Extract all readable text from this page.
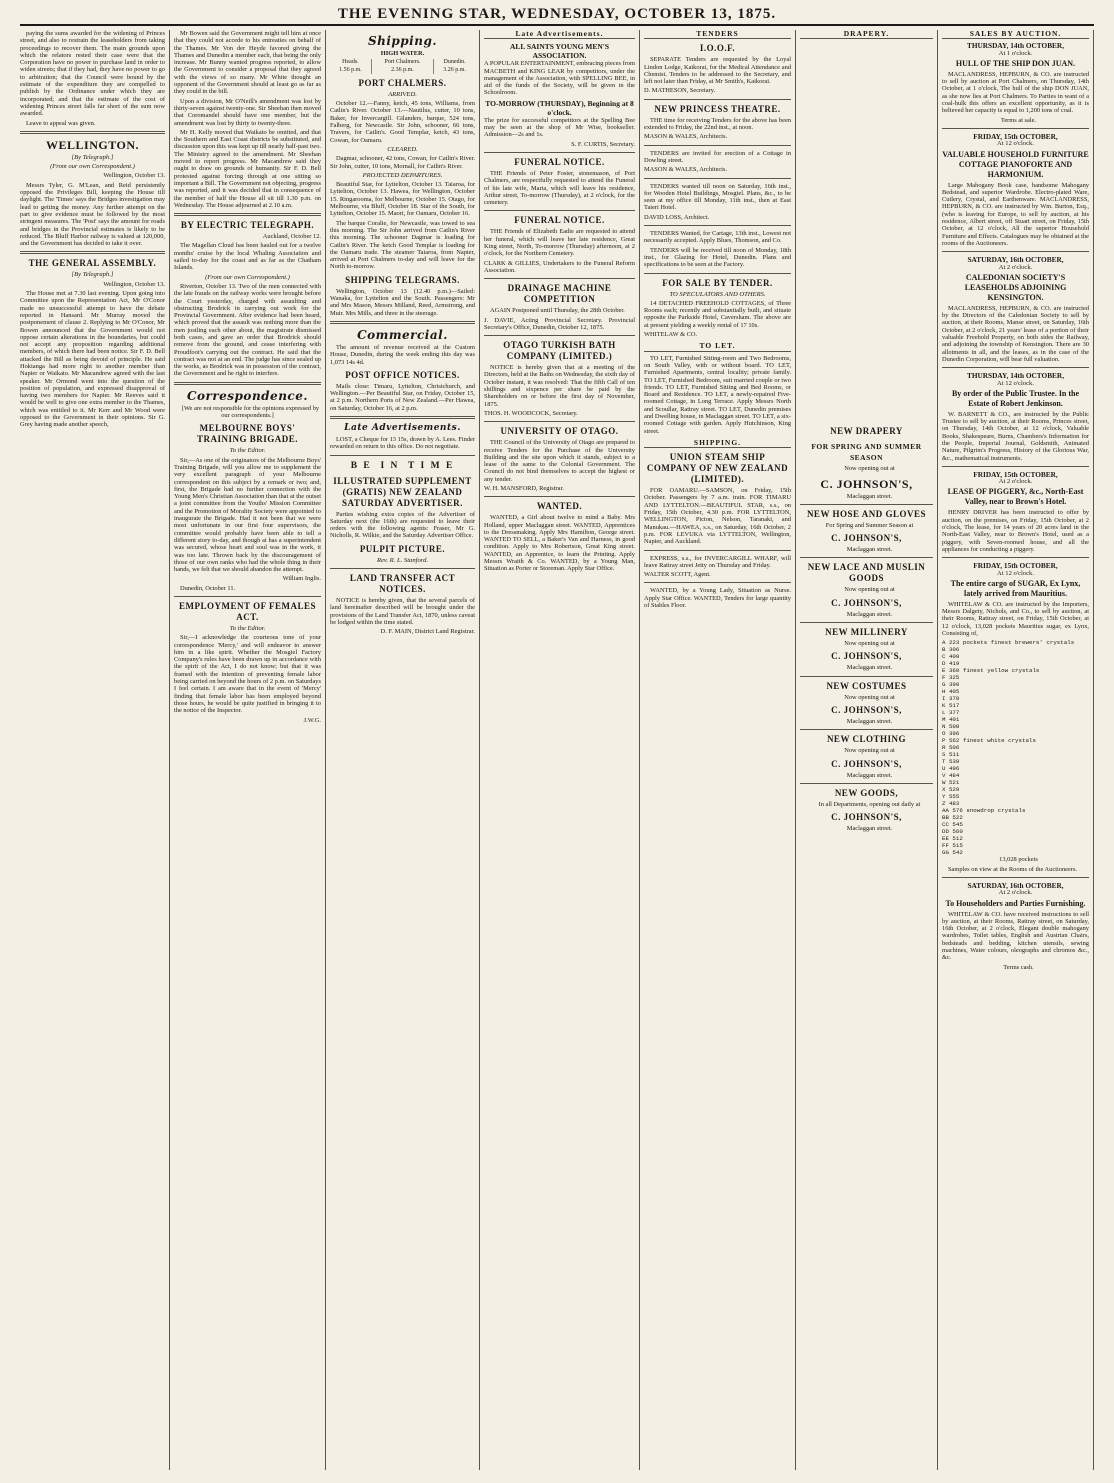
THE EVENING STAR, WEDNESDAY, OCTOBER 13, 1875.

paying the sums awarded for the widening of Princes street, and also to restrain the leaseholders from taking proceedings to recover them. The main grounds upon which the relators rested their case were that the Corporation have no power to purchase land in order to widen streets; that if they had, they have no power to go to arbitration; that the Council were bound by the estimate of the expenditure they are compelled to publish by the Ordinance under which they are incorporated; and that the estimate of the cost of widening Princes street falls far short of the sum now awarded.

Leave to appeal was given.

WELLINGTON.
[By Telegraph.]
(From our own Correspondent.)

Wellington, October 13.

Messrs Tyler, G. M'Lean, and Reid persistently opposed the Privileges Bill, keeping the House till daylight. The 'Times' says the Bridges investigation may lead to getting the money. Any further attempt on the part to give evidence must be followed by the most stringent measures. The 'Post' says the amount for roads and bridges in the Provincial estimates is likely to be reduced. The Bluff Harbor railway is valued at 120,000, and the Government has decided to take it over.

THE GENERAL ASSEMBLY.
[By Telegraph.]

Wellington, October 13.

The House met at 7.30 last evening. Upon going into Committee upon the Representation Act, Mr O'Conor made no unsuccessful attempt to have the debate reported in Hansard. Mr Murray moved the postponement of clause 2. Replying to Mr O'Conor, Mr Bowen announced that the Government would not oppose certain alterations in the boundaries, but could not accept any proposition regarding additional members, of which there had been notice. Sir F. D. Bell attacked the Bill as being devoid of principle. He said Hokianga had more right to another member than Napier or Waikato. Mr Macandrew agreed with the last speaker. Mr Ormond went into the question of the position of population, and expressed disapproval of having two members for Napier. Mr Reeves said it would be well to give one extra member to the Thames, which was entitled to it. Mr Kerr and Mr Wood were opposed to the Government in their opinions. Sir G. Grey having made another speech,

Mr Bowen said the Government might tell him at once that they could not accede to his entreaties on behalf of the Thames. Mr Von der Heyde favored giving the Thames and Dunedin a member each, that being the only increase. Mr Bunny wanted progress reported, to allow the Government to consider a proposal that they agreed with the views of so many. Mr White thought an opponent of the Government should at least go as far as they could in the bill.

Upon a division, Mr O'Neill's amendment was lost by thirty-seven against twenty-one. Sir Sheehan then moved that Coromandel should have one member, but the amendment was lost by thirty to twenty-three.

Mr H. Kelly moved that Waikato be omitted, and that the Southern and East Coast districts be substituted, and discussion upon this was kept up till nearly half-past two. The Ministry agreed to the amendment. Mr Sheehan moved to report progress. Mr Macandrew said they ought to draw on grounds of humanity. Sir F. D. Bell protested against forcing through at one sitting so important a Bill. The Government not objecting, progress was reported, and it was decided that in consequence of the member of half the House all sit till 1.30 p.m. on Wednesday. The House adjourned at 2.10 a.m.

BY ELECTRIC TELEGRAPH.

Auckland, October 12.

The Magellan Cloud has been hauled out for a twelve months' cruise by the local Whaling Association and sailed to-day for the coast and as far as the Chatham Islands.

(From our own Correspondent.)

Riverton, October 13. Two of the men connected with the late frauds on the railway works were brought before the Court yesterday, charged with assaulting and obstructing Brodrick in carrying out work for the Provincial Government. After evidence had been heard, which proved that the assault was nothing more than the men jostling each other about, the magistrate dismissed both cases, and gave an order that Brodrick should remove from the ground, and cease interfering with Proudfoot's carrying out the contract. He said that the contract was not at an end. The judge has since sealed up the works, as Brodrick was in possession of the contract, the Government and he right to interfere.

Correspondence.

[We are not responsible for the opinions expressed by our correspondents.]

MELBOURNE BOYS' TRAINING BRIGADE.
To the Editor.

Sir,—As one of the originators of the Melbourne Boys' Training Brigade, will you allow me to supplement the very excellent paragraph of your Melbourne correspondent on this subject by a remark or two; and, first, the Brigade had no further connection with the Young Men's Christian Association than that at the outset a joint committee from the Youths' Mission Committee and the Promotion of Morality Society were appointed to inaugurate the Brigade. Had it not been that we were most unfortunate in our first four supervisors, the committee would probably have been able to tell a different story to-day, and though at has a superintendent was secured, whose heart and soul was in the work, it was too late. Thrown back by the discouragement of those of our own ranks who had the whole thing in their hands, we felt that we should abandon the attempt.

William Inglis.

Dunedin, October 11.

EMPLOYMENT OF FEMALES ACT.
To the Editor.

Sir,—I acknowledge the courteous tone of your correspondence 'Mercy,' and will endeavor to answer him in a like spirit. Whether the Mosgiel Factory Company's rules have been drawn up in accordance with the spirit of the Act, I do not know; but that it was framed with the intention of preventing female labor being carried on beyond the hours of 2 p.m. on Saturdays I feel certain. I am aware that in the event of 'Mercy' finding that female labor has been employed beyond those hours, he would be quite justified in bringing it to the notice of the Inspector.

J.W.G.

Shipping.
HIGH WATER.
Heads.	Port Chalmers.	Dunedin.
1.56 p.m.	2.36 p.m.	3.26 p.m.
PORT CHALMERS.
ARRIVED.

October 12.—Fanny, ketch, 45 tons, Williams, from Catlin's River. October 13.—Nautilus, cutter, 10 tons, Baker, for Invercargill. Gilanders, barque, 524 tons, Falberg, for Newcastle. Sir John, schooner, 66 tons, Travers, for Catlin's. Good Templar, ketch, 43 tons, Cowan, for Oamaru.

CLEARED.

Dagmar, schooner, 42 tons, Cowan, for Catlin's River. Sir John, cutter, 10 tons, Mornall, for Catlin's River.

PROJECTED DEPARTURES.

Beautiful Star, for Lyttelton, October 13. Taiaroa, for Lyttelton, October 13. Hawea, for Wellington, October 15. Ringarooma, for Melbourne, October 15. Otago, for Melbourne, via Bluff, October 18. Star of the South, for Lyttelton, October 15. Maori, for Oamaru, October 16.

The barque Coralie, for Newcastle, was towed to sea this morning. The Sir John arrived from Catlin's River this morning. The schooner Dagmar is loading for Catlin's River. The ketch Good Templar is loading for the Oamaru trade. The steamer Taiaroa, from Napier, arrived at Port Chalmers to-day and will leave for the North to-morrow.

SHIPPING TELEGRAMS.

Wellington, October 13 (12.40 p.m.)—Sailed: Wanaka, for Lyttelton and the South. Passengers: Mr and Mrs Mason, Messrs Milland, Reed, Armstrong, and Muir. Mrs Mills, and three in the steerage.

Commercial.

The amount of revenue received at the Custom House, Dunedin, during the week ending this day was 1,073 14s 4d.

POST OFFICE NOTICES.

Mails close: Timaru, Lyttelton, Christchurch, and Wellington.—Per Beautiful Star, on Friday, October 15, at 2 p.m. Northern Ports of New Zealand.—Per Hawea, on Saturday, October 16, at 2 p.m.

Late Advertisements.

LOST, a Cheque for 13 15s, drawn by A. Lees. Finder rewarded on return to this office. Do not negotiate.

B E  I N  T I M E
ILLUSTRATED SUPPLEMENT (GRATIS) NEW ZEALAND SATURDAY ADVERTISER.

Parties wishing extra copies of the Advertiser of Saturday next (the 16th) are requested to leave their orders with the following agents: Fraser, Mr G. Nicholls, R. Wilkie, and the Saturday Advertiser Office.

PULPIT PICTURE.
Rev. R. L. Stanford.
LAND TRANSFER ACT NOTICES.

NOTICE is hereby given, that the several parcels of land hereinafter described will be brought under the provisions of the Land Transfer Act, 1870, unless caveat be lodged within the time stated.

D. F. MAIN, District Land Registrar.

Late Advertisements.
ALL SAINTS YOUNG MEN'S ASSOCIATION.

A POPULAR ENTERTAINMENT, embracing pieces from MACBETH and KING LEAR by competitors, under the management of the Association, with SPELLING BEE, in aid of the funds of the Society, will be given in the Schoolroom.

TO-MORROW (THURSDAY), Beginning at 8 o'clock.

The prize for successful competitors at the Spelling Bee may be seen at the shop of Mr Wise, bookseller. Admission—2s and 1s.

S. F. CURTIS, Secretary.
FUNERAL NOTICE.

THE Friends of Peter Foster, stonemason, of Port Chalmers, are respectfully requested to attend the Funeral of his late wife, Maria, which will leave his residence, Arthur street, To-morrow (Thursday), at 2 o'clock, for the cemetery.

FUNERAL NOTICE.

THE Friends of Elizabeth Eadie are requested to attend her funeral, which will leave her late residence, Great King street, North, To-morrow (Thursday) afternoon, at 2 o'clock, for the Northern Cemetery.

CLARK & GILLIES, Undertakers to the Funeral Reform Association.
DRAINAGE MACHINE COMPETITION

AGAIN Postponed until Thursday, the 28th October.

J. DAVIE, Acting Provincial Secretary. Provincial Secretary's Office, Dunedin, October 12, 1875.
OTAGO TURKISH BATH COMPANY (LIMITED.)

NOTICE is hereby given that at a meeting of the Directors, held at the Baths on Wednesday, the sixth day of October instant, it was resolved: That the fifth Call of ten shillings and sixpence per share be paid by the Shareholders on or before the first day of November, 1875.

THOS. H. WOODCOCK, Secretary.
UNIVERSITY OF OTAGO.

THE Council of the University of Otago are prepared to receive Tenders for the Purchase of the University Building and the site upon which it stands, subject to a lease of the same to the Colonial Government. The Council do not bind themselves to accept the highest or any tender.

W. H. MANSFORD, Registrar.
WANTED.

WANTED, a Girl about twelve to mind a Baby. Mrs Holland, upper Maclaggan street. WANTED, Apprentices to the Dressmaking. Apply Mrs Hamilton, George street. WANTED TO SELL, a Baker's Van and Harness, in good condition. Apply to Mrs Robertson, Great King street. WANTED, an Apprentice, to learn the Printing. Apply Messrs Wraith & Co. WANTED, by a Young Man, Situation as Porter or Storeman. Apply Star Office.

TENDERS
I.O.O.F.

SEPARATE Tenders are requested by the Loyal Lindon Lodge, Kaikorai, for the Medical Attendance and Chemist. Tenders to be addressed to the Secretary, and left not later than Friday, at Mr Smith's, Kaikorai.

D. MATHESON, Secretary.
NEW PRINCESS THEATRE.

THE time for receiving Tenders for the above has been extended to Friday, the 22nd inst., at noon.

MASON & WALES, Architects.

TENDERS are invited for erection of a Cottage in Dowling street.

MASON & WALES, Architects.

TENDERS wanted till noon on Saturday, 16th inst., for Wooden Hotel Buildings, Mosgiel. Plans, &c., to be seen at my office till Monday, 11th inst., then at East Taieri Hotel.

DAVID LOSS, Architect.

TENDERS Wanted, for Cartage, 13th inst., Lowest not necessarily accepted. Apply Blues, Thomson, and Co.

TENDERS will be received till noon of Monday, 18th inst., for Glazing for Hotel, Dunedin. Plans and specifications to be seen at the Factory.

FOR SALE BY TENDER.
TO SPECULATORS AND OTHERS.

14 DETACHED FREEHOLD COTTAGES, of Three Rooms each; recently and substantially built, and situate opposite the Parkside Hotel, Caversham. The above are at present yielding a weekly rental of 17 10s.

WHITELAW & CO.
TO LET.

TO LET, Furnished Sitting-room and Two Bedrooms, on South Valley, with or without board. TO LET, Furnished Apartments, central locality; private family. TO LET, Furnished Bedroom, suit married couple or two friends. TO LET, Furnished Sitting and Bed Rooms, or Board and Residence. TO LET, a newly-repaired Five-roomed Cottage, in Long Terrace. Apply Messrs North and Scoullar, Rattray street. TO LET, Dunedin premises and Dwelling house, in Maclaggan street. TO LET, a six-roomed Cottage with garden. Apply Hutchinson, King street.

SHIPPING.
UNION STEAM SHIP COMPANY OF NEW ZEALAND (LIMITED).

FOR OAMARU.—SAMSON, on Friday, 15th October. Passengers by 7 a.m. train. FOR TIMARU AND LYTTELTON.—BEAUTIFUL STAR, s.s., on Friday, 15th October, 4.30 p.m. FOR LYTTELTON, WELLINGTON, Picton, Nelson, Taranaki, and Manukau.—HAWEA, s.s., on Saturday, 16th October, 2 p.m. FOR LEVUKA via LYTTELTON, Wellington, Napier, and Auckland.

EXPRESS, s.s., for INVERCARGILL WHARF, will leave Rattray street Jetty on Thursday and Friday.

WALTER SCOTT, Agent.

WANTED, by a Young Lady, Situation as Nurse. Apply Star Office. WANTED, Tenders for large quantity of Stables Floor.

DRAPERY.
NEW DRAPERY
FOR SPRING AND SUMMER SEASON

Now opening out at

C. JOHNSON'S,

Maclaggan street.

NEW HOSE AND GLOVES

For Spring and Summer Season at

C. JOHNSON'S,

Maclaggan street.

NEW LACE AND MUSLIN GOODS

Now opening out at

C. JOHNSON'S,

Maclaggan street.

NEW MILLINERY

Now opening out at

C. JOHNSON'S,

Maclaggan street.

NEW COSTUMES

Now opening out at

C. JOHNSON'S,

Maclaggan street.

NEW CLOTHING

Now opening out at

C. JOHNSON'S,

Maclaggan street.

NEW GOODS,

In all Departments, opening out daily at

C. JOHNSON'S,

Maclaggan street.

SALES BY AUCTION.
THURSDAY, 14th OCTOBER,
At 1 o'clock.
HULL OF THE SHIP DON JUAN.

MACLANDRESS, HEPBURN, & CO. are instructed to sell by auction at Port Chalmers, on Thursday, 14th October, at 1 o'clock, The hull of the ship DON JUAN, as she now lies at Port Chalmers. To Parties in want of a coal-hulk this offers an excellent opportunity, as it is believed her capacity is equal to 1,200 tons of coal.

Terms at sale.

FRIDAY, 15th OCTOBER,
At 12 o'clock.
VALUABLE HOUSEHOLD FURNITURE COTTAGE PIANOFORTE AND HARMONIUM.

Large Mahogany Book case, handsome Mahogany Bedstead, and superior Wardrobe. Electro-plated Ware, Cutlery, Crystal, and Earthenware. MACLANDRESS, HEPBURN, & CO. are instructed by Wm. Burton, Esq., (who is leaving for Europe, to sell by auction, at his residence, Albert street, off Stuart street, on Friday, 15th October, at 12 o'clock, All the superior Household Furniture and Effects. Catalogues may be obtained at the rooms of the Auctioneers.

SATURDAY, 16th OCTOBER,
At 2 o'clock.
CALEDONIAN SOCIETY'S LEASEHOLDS ADJOINING KENSINGTON.

MACLANDRESS, HEPBURN, & CO. are instructed by the Directors of the Caledonian Society to sell by auction, at their Rooms, Manse street, on Saturday, 16th October, at 2 o'clock, 21 years' lease of a portion of their valuable Freehold Property, on both sides the Railway, and adjoining the township of Kensington. There are 30 allotments in all, and the leases, as in the case of the Dunedin Corporation, will bear full valuation.

THURSDAY, 14th OCTOBER,
At 12 o'clock.
By order of the Public Trustee. In the Estate of Robert Jenkinson.

W. BARNETT & CO., are instructed by the Public Trustee to sell by auction, at their Rooms, Princes street, on Thursday, 14th October, at 12 o'clock, Valuable Books, Shakespeare, Burns, Chambers's Information for the People, Imperial Journal, Goldsmith, Animated Nature, Pilgrim's Progress, History of the Glorious War, &c., mathematical instruments.

FRIDAY, 15th OCTOBER,
At 2 o'clock.
LEASE OF PIGGERY, &c., North-East Valley, near to Brown's Hotel.

HENRY DRIVER has been instructed to offer by auction, on the premises, on Friday, 15th October, at 2 o'clock, The lease, for 14 years of 20 acres land in the North-East Valley, near to Brown's Hotel, used as a piggery, with Seven-roomed house, and all the appliances for conducting a piggery.

FRIDAY, 15th OCTOBER,
At 12 o'clock.
The entire cargo of SUGAR, Ex Lynx, lately arrived from Mauritius.

WHITELAW & CO. are instructed by the Importers, Messrs Dalgety, Nichols, and Co., to sell by auction, at their Rooms, Rattray street, on Friday, 15th October, at 12 o'clock, 13,028 pockets Mauritius sugar, ex Lynx, Consisting of,

A 223 pockets finest brewers' crystals
B 306
C 409
D 419
E 360 finest yellow crystals
F 325
G 390
H 405
I 378
K 517
L 377
M 401
N 508
O 396
P 562 finest white crystals
R 506
S 511
T 539
U 496
V 484
W 521
X 529
Y 555
Z 483
AA 576 snowdrop crystals
BB 522
CC 545
DD 560
EE 512
FF 515
GG 542

13,028 pockets

Samples on view at the Rooms of the Auctioneers.

SATURDAY, 16th OCTOBER,
At 2 o'clock.
To Householders and Parties Furnishing.

WHITELAW & CO. have received instructions to sell by auction, at their Rooms, Rattray street, on Saturday, 16th October, at 2 o'clock, Elegant double mahogany wardrobes, Toilet tables, English and Austrian Chairs, bedsteads and bedding, kitchen utensils, sewing machines, Water colours, oleographs and chromos &c., &c.

Terms cash.
